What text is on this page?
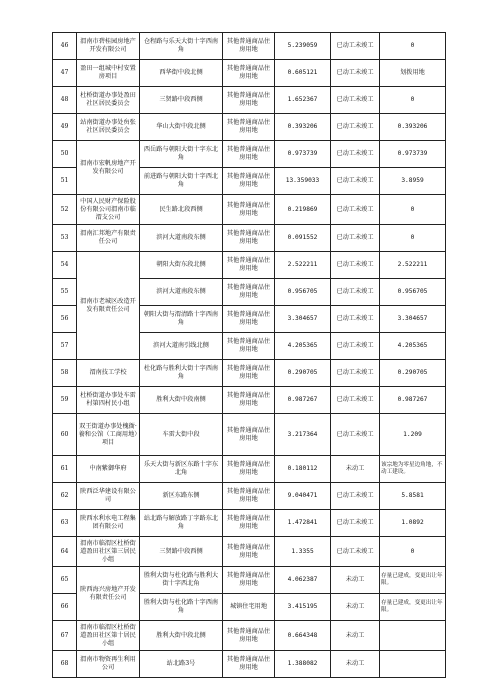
46	渭南市碧桂园房地产开发有限公司	仓程路与乐天大街十字西南角	其他普通商品住房用地	5.239059	已动工未竣工	0
47	盈田一组城中村安置房项目	西华街中段北侧	其他普通商品住房用地	0.605121	已动工未竣工	划拨用地
48	杜桥街道办事处盈田社区居民委员会	三贤路中段西侧	其他普通商品住房用地	1.652367	已动工未竣工	0
49	站南街道办事处贠张社区居民委员会	华山大街中段北侧	其他普通商品住房用地	0.393206	已动工未竣工	0.393206
50	渭南市宏帆房地产开发有限公司	西岳路与朝阳大街十字东北角	其他普通商品住房用地	0.973739	已动工未竣工	0.973739
51		前进路与朝阳大街十字西北角	其他普通商品住房用地	13.359033	已动工未竣工	3.8959
52	中国人民财产保险股份有限公司渭南市临渭支公司	民生路北段西侧	其他普通商品住房用地	0.219869	已动工未竣工	0
53	渭南汇邦地产有限责任公司	滨河大道南段东侧	其他普通商品住房用地	0.091552	已动工未竣工	0
54	渭南市老城区改造开发有限责任公司	朝阳大街东段北侧	其他普通商品住房用地	2.522211	已动工未竣工	2.522211
55		滨河大道南段东侧	其他普通商品住房用地	0.956705	已动工未竣工	0.956705
56		朝阳大街与渭清路十字西南角	其他普通商品住房用地	3.304657	已动工未竣工	3.304657
57		滨河大道南引线北侧	其他普通商品住房用地	4.205365	已动工未竣工	4.205365
58	渭南技工学校	杜化路与胜利大街十字西南角	其他普通商品住房用地	0.290705	已动工未竣工	0.290705
59	杜桥街道办事处车雷村第四村民小组	胜利大街中段南侧	其他普通商品住房用地	0.987267	已动工未竣工	0.987267
60	双王街道办事处槐衙·養和公馆（工商用地）项目	车雷大街中段	其他普通商品住房用地	3.217364	已动工未竣工	1.209
61	中南紫御华府	乐天大街与新区东路十字东北角	其他普通商品住房用地	0.180112	未动工	该宗地为零星边角地，不动工建设。
62	陕西泛华建设有限公司	新区东路东侧	其他普通商品住房用地	9.040471	已动工未竣工	5.8581
63	陕西水利水电工程集团有限公司	站北路与解放路丁字路东北角	其他普通商品住房用地	1.472841	已动工未竣工	1.0892
64	渭南市临渭区杜桥街道盈田社区第三居民小组	三贤路中段西侧	其他普通商品住房用地	1.3355	已动工未竣工	0
65	陕西海兴房地产开发有限责任公司	胜利大街与杜化路与胜利大街十字西北角	其他普通商品住房用地	4.062387	未动工	存量已建成，变更出让年限。
66		胜利大街与杜化路十字西南角	城镇住宅用地	3.415195	未动工	存量已建成，变更出让年限。
67	渭南市临渭区杜桥街道盈田社区第十居民小组	胜利大街中段北侧	其他普通商品住房用地	0.664348	未动工	
68	渭南市物资再生利用公司	站北路3号	其他普通商品住房用地	1.388082	未动工	
